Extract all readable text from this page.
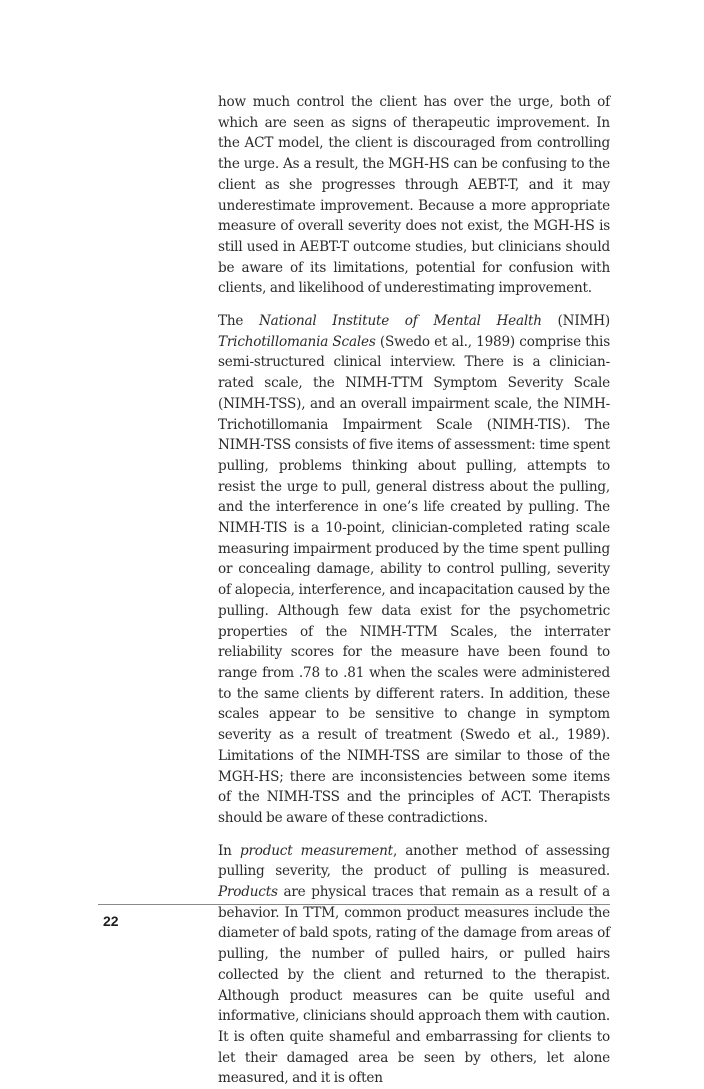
how much control the client has over the urge, both of which are seen as signs of therapeutic improvement. In the ACT model, the client is discouraged from controlling the urge. As a result, the MGH-HS can be confusing to the client as she progresses through AEBT-T, and it may underestimate improvement. Because a more appropriate measure of overall severity does not exist, the MGH-HS is still used in AEBT-T outcome studies, but clinicians should be aware of its limitations, potential for confusion with clients, and likelihood of underestimating improvement.

The National Institute of Mental Health (NIMH) Trichotillomania Scales (Swedo et al., 1989) comprise this semi-structured clinical interview. There is a clinician-rated scale, the NIMH-TTM Symptom Severity Scale (NIMH-TSS), and an overall impairment scale, the NIMH-Trichotillomania Impairment Scale (NIMH-TIS). The NIMH-TSS consists of five items of assessment: time spent pulling, problems thinking about pulling, attempts to resist the urge to pull, general distress about the pulling, and the interference in one’s life created by pulling. The NIMH-TIS is a 10-point, clinician-completed rating scale measuring impairment produced by the time spent pulling or concealing damage, ability to control pulling, severity of alopecia, interference, and incapacitation caused by the pulling. Although few data exist for the psychometric properties of the NIMH-TTM Scales, the interrater reliability scores for the measure have been found to range from .78 to .81 when the scales were administered to the same clients by different raters. In addition, these scales appear to be sensitive to change in symptom severity as a result of treatment (Swedo et al., 1989). Limitations of the NIMH-TSS are similar to those of the MGH-HS; there are inconsistencies between some items of the NIMH-TSS and the principles of ACT. Therapists should be aware of these contradictions.

In product measurement, another method of assessing pulling severity, the product of pulling is measured. Products are physical traces that remain as a result of a behavior. In TTM, common product measures include the diameter of bald spots, rating of the damage from areas of pulling, the number of pulled hairs, or pulled hairs collected by the client and returned to the therapist. Although product measures can be quite useful and informative, clinicians should approach them with caution. It is often quite shameful and embarrassing for clients to let their damaged area be seen by others, let alone measured, and it is often

22
